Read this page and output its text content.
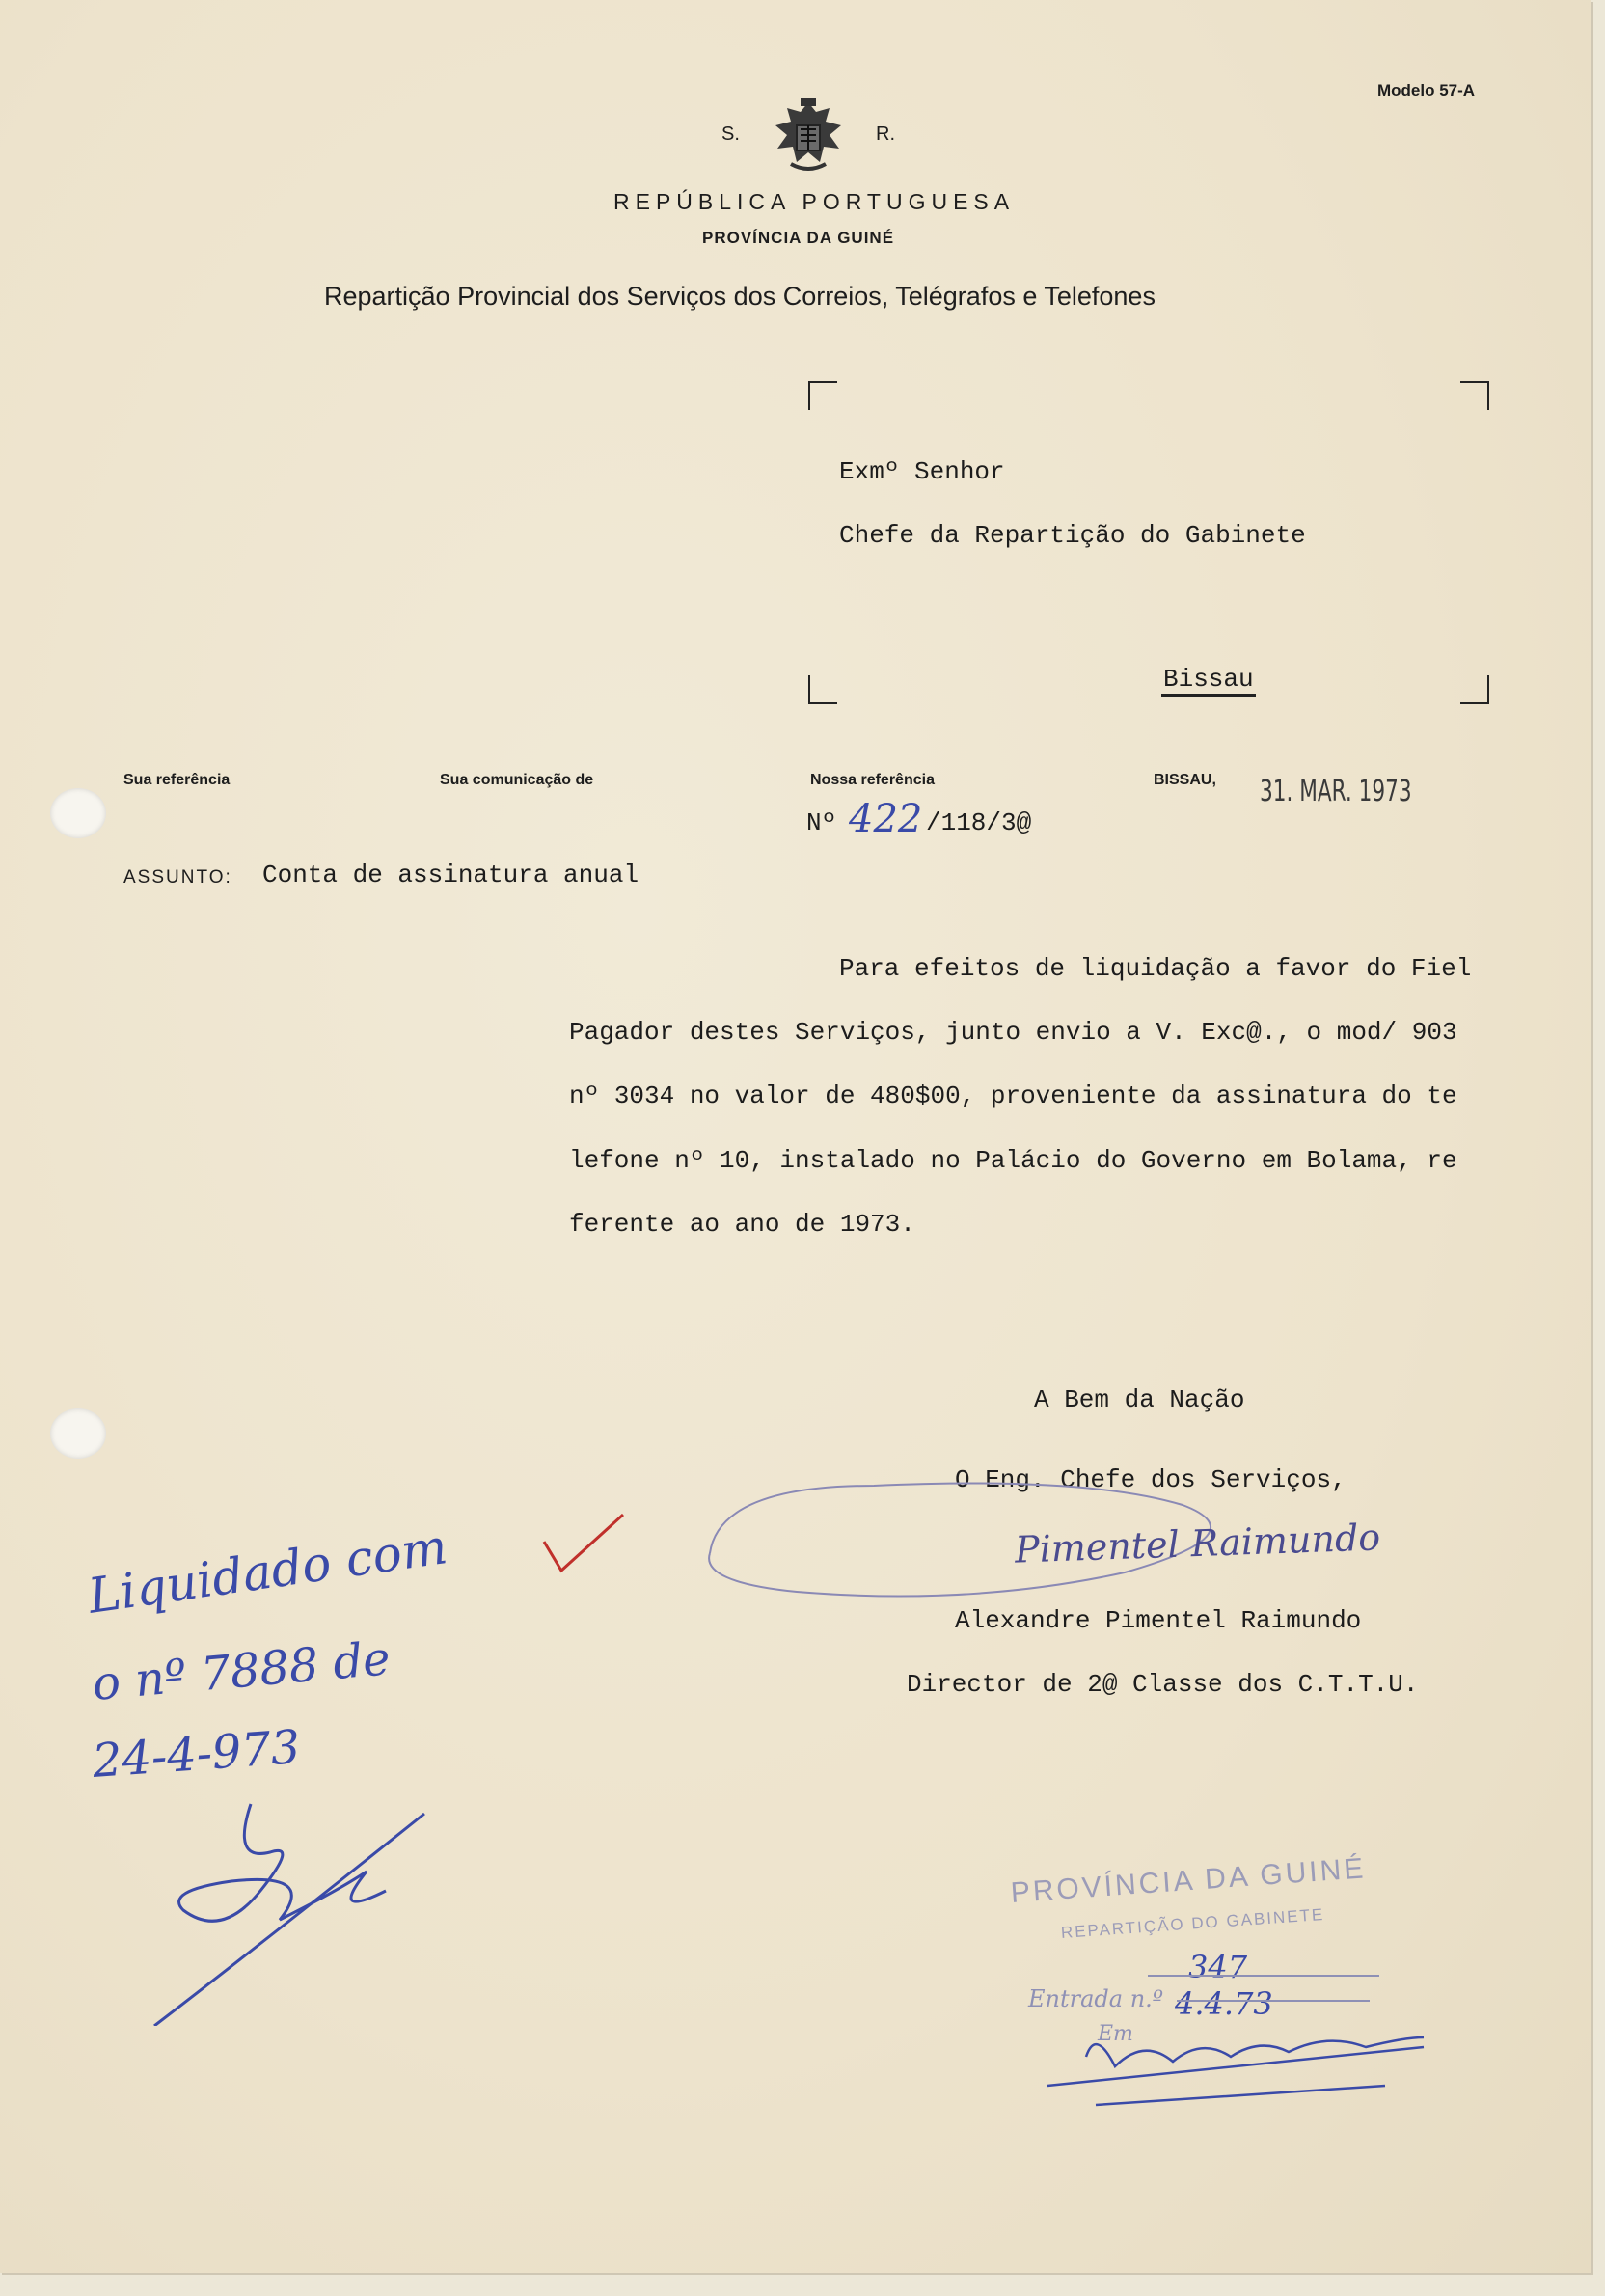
Modelo 57-A
S.	R.
REPÚBLICA PORTUGUESA
PROVÍNCIA DA GUINÉ
Repartição Provincial dos Serviços dos Correios, Telégrafos e Telefones
Exmº Senhor
Chefe da Repartição do Gabinete
Bissau
Sua referência	Sua comunicação de	Nossa referência	BISSAU, 31. MAR. 1973
Nº 422 /118/3@
ASSUNTO: Conta de assinatura anual
Para efeitos de liquidação a favor do Fiel
Pagador destes Serviços, junto envio a V. Exc@., o mod/ 903
nº 3034 no valor de 480$00, proveniente da assinatura do te
lefone nº 10, instalado no Palácio do Governo em Bolama, re
ferente ao ano de 1973.
A Bem da Nação
O Eng. Chefe dos Serviços,
Pimentel Raimundo
Alexandre Pimentel Raimundo
Director de 2@ Classe dos C.T.T.U.
Liquidado com
o nº 7888 de
24-4-973
PROVÍNCIA DA GUINÉ
REPARTIÇÃO DO GABINETE
Entrada n.º
347
4.4.73
Em
